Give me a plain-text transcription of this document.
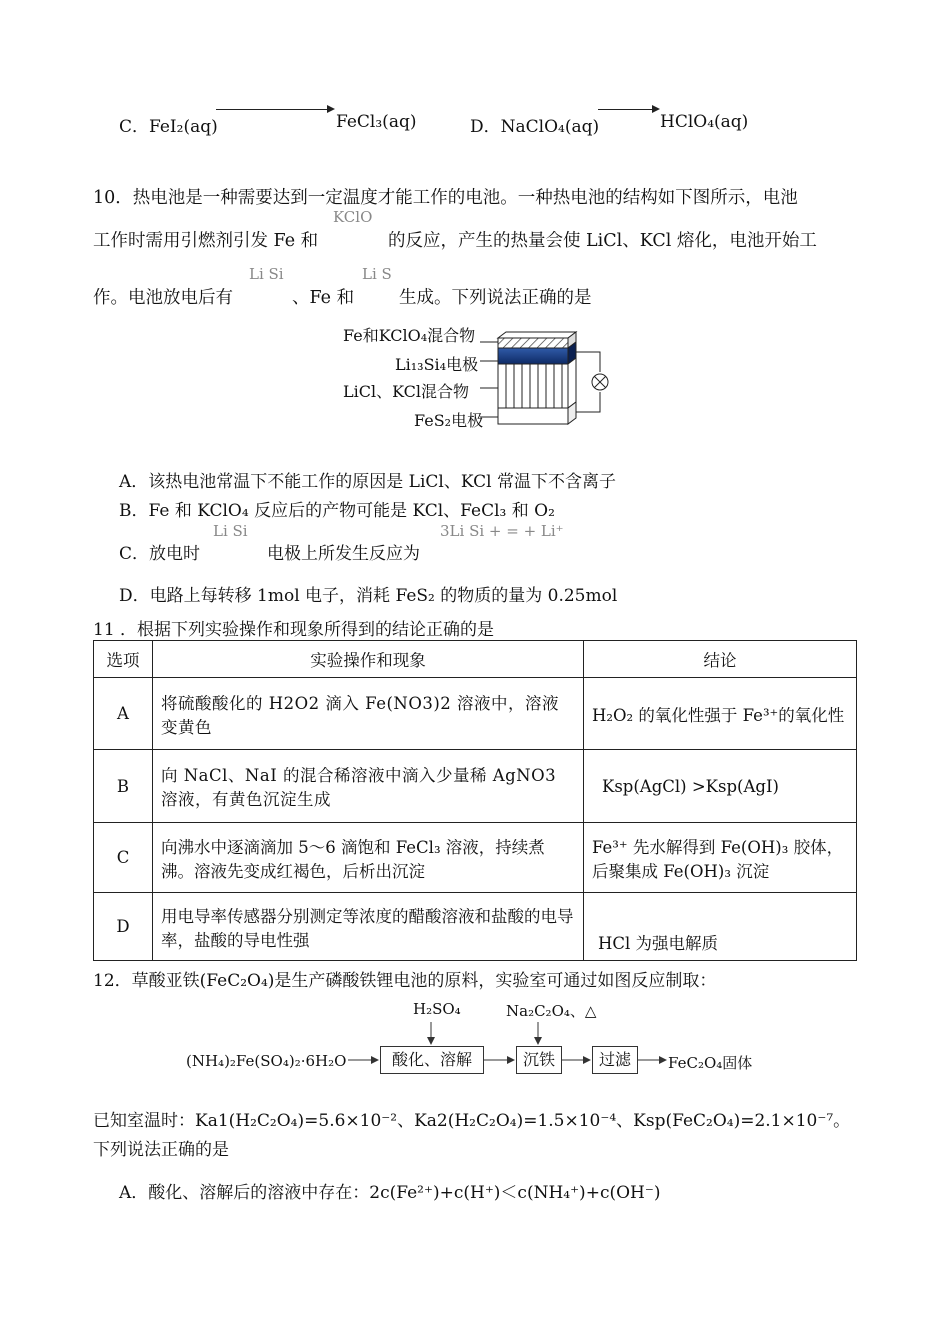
C．FeI₂(aq)	FeCl₃(aq)	D．NaClO₄(aq)	HClO₄(aq)
10．热电池是一种需要达到一定温度才能工作的电池。一种热电池的结构如下图所示，电池
工作时需用引燃剂引发 Fe 和
KClO
的反应，产生的热量会使 LiCl、KCl 熔化，电池开始工
作。电池放电后有
Li Si
、Fe 和
Li S
生成。下列说法正确的是
Fe和KClO₄混合物
Li₁₃Si₄电极
LiCl、KCl混合物
FeS₂电极
A．该热电池常温下不能工作的原因是 LiCl、KCl 常温下不含离子
B．Fe 和 KClO₄ 反应后的产物可能是 KCl、FeCl₃ 和 O₂
C．放电时
Li Si
电极上所发生反应为
3Li Si + = + Li⁺
D．电路上每转移 1mol 电子，消耗 FeS₂ 的物质的量为 0.25mol
11 ．根据下列实验操作和现象所得到的结论正确的是
选项	实验操作和现象	结论
A	将硫酸酸化的 H2O2 滴入 Fe(NO3)2 溶液中，溶液变黄色	H₂O₂ 的氧化性强于 Fe³⁺的氧化性
B	向 NaCl、NaI 的混合稀溶液中滴入少量稀 AgNO3 溶液，有黄色沉淀生成	Ksp(AgCl) >Ksp(AgI)
C	向沸水中逐滴滴加 5～6 滴饱和 FeCl₃ 溶液，持续煮沸。溶液先变成红褐色，后析出沉淀	Fe³⁺ 先水解得到 Fe(OH)₃ 胶体，后聚集成 Fe(OH)₃ 沉淀
D	用电导率传感器分别测定等浓度的醋酸溶液和盐酸的电导率，盐酸的导电性强	HCl 为强电解质
12．草酸亚铁(FeC₂O₄)是生产磷酸铁锂电池的原料，实验室可通过如图反应制取：
H₂SO₄	Na₂C₂O₄、△
(NH₄)₂Fe(SO₄)₂·6H₂O	酸化、溶解	沉铁	过滤	FeC₂O₄固体
已知室温时：Ka1(H₂C₂O₄)=5.6×10⁻²、Ka2(H₂C₂O₄)=1.5×10⁻⁴、Ksp(FeC₂O₄)=2.1×10⁻⁷。
下列说法正确的是
A．酸化、溶解后的溶液中存在：2c(Fe²⁺)+c(H⁺)＜c(NH₄⁺)+c(OH⁻)
